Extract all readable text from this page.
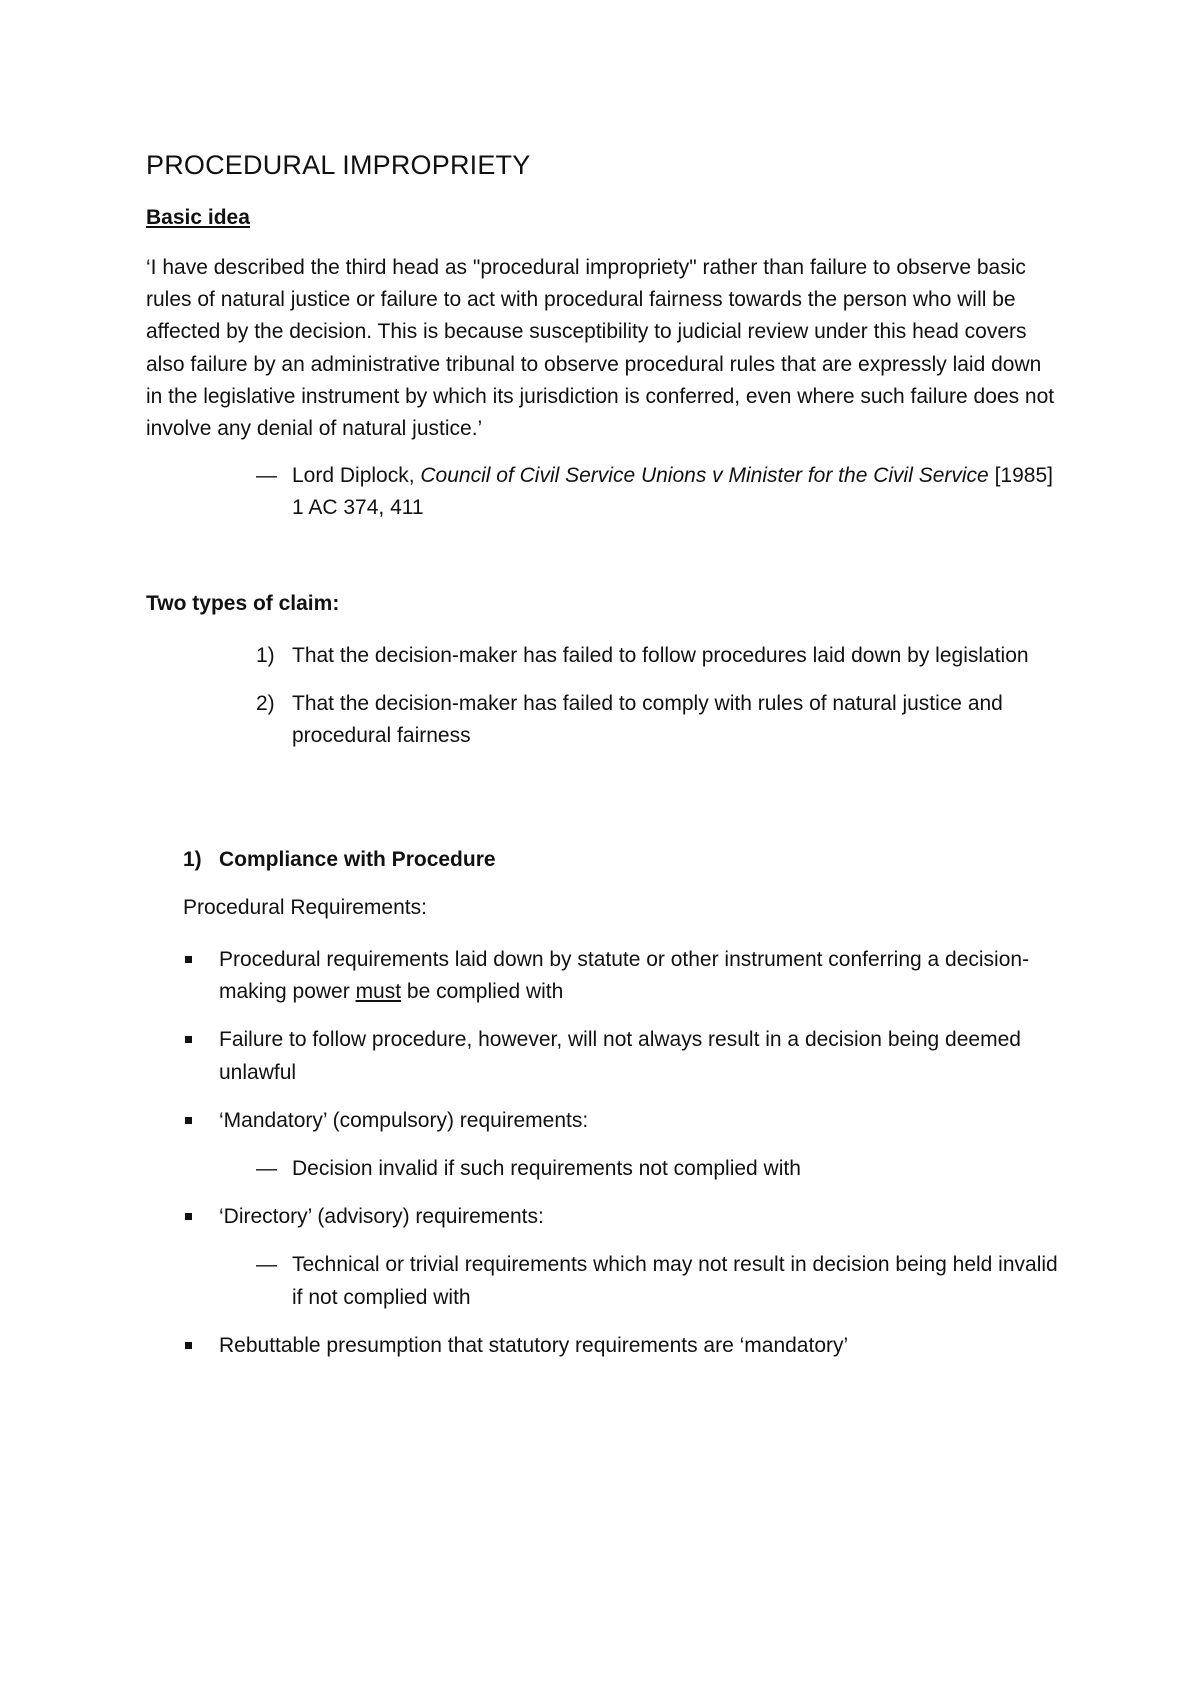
PROCEDURAL IMPROPRIETY
Basic idea

‘I have described the third head as "procedural impropriety" rather than failure to observe basic rules of natural justice or failure to act with procedural fairness towards the person who will be affected by the decision. This is because susceptibility to judicial review under this head covers also failure by an administrative tribunal to observe procedural rules that are expressly laid down in the legislative instrument by which its jurisdiction is conferred, even where such failure does not involve any denial of natural justice.’

— Lord Diplock, Council of Civil Service Unions v Minister for the Civil Service [1985] 1 AC 374, 411

Two types of claim:
1) That the decision-maker has failed to follow procedures laid down by legislation
2) That the decision-maker has failed to comply with rules of natural justice and procedural fairness
1) Compliance with Procedure

Procedural Requirements:

Procedural requirements laid down by statute or other instrument conferring a decision-making power must be complied with
Failure to follow procedure, however, will not always result in a decision being deemed unlawful
‘Mandatory’ (compulsory) requirements:
— Decision invalid if such requirements not complied with
‘Directory’ (advisory) requirements:
— Technical or trivial requirements which may not result in decision being held invalid if not complied with
Rebuttable presumption that statutory requirements are ‘mandatory’
